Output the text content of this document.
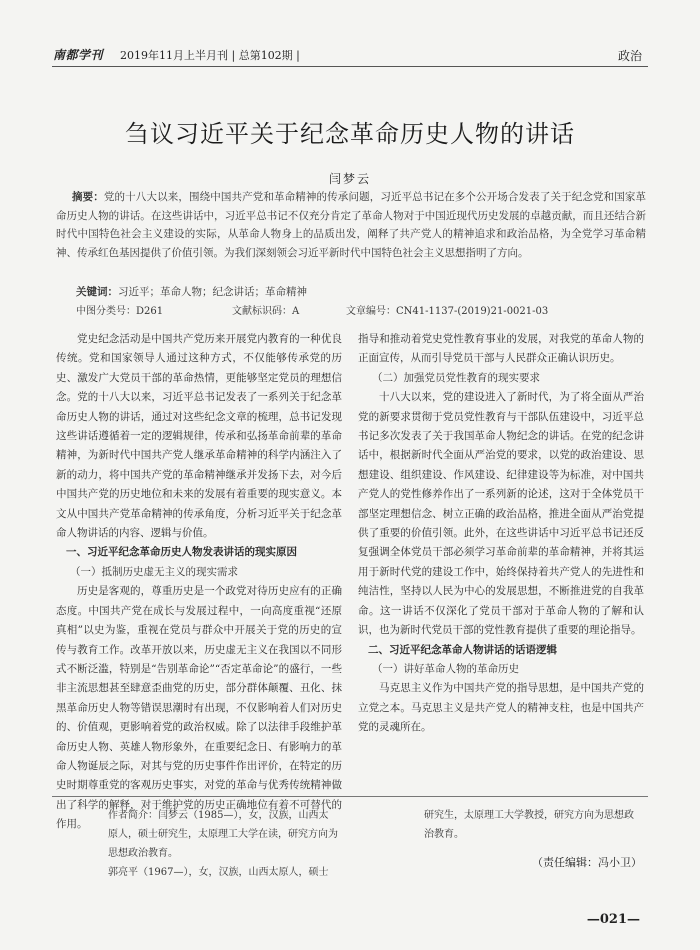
南都学刊 2019年11月上半月刊 | 总第102期 |	政治
刍议习近平关于纪念革命历史人物的讲话
闫梦云
摘要：党的十八大以来，围绕中国共产党和革命精神的传承问题，习近平总书记在多个公开场合发表了关于纪念党和国家革命历史人物的讲话。在这些讲话中，习近平总书记不仅充分肯定了革命人物对于中国近现代历史发展的卓越贡献，而且还结合新时代中国特色社会主义建设的实际，从革命人物身上的品质出发，阐释了共产党人的精神追求和政治品格，为全党学习革命精神、传承红色基因提供了价值引领。为我们深刻领会习近平新时代中国特色社会主义思想指明了方向。
关键词：习近平；革命人物；纪念讲话；革命精神
中图分类号：D261	文献标识码：A	文章编号：CN41-1137-(2019)21-0021-03

党史纪念活动是中国共产党历来开展党内教育的一种优良传统。党和国家领导人通过这种方式，不仅能够传承党的历史、激发广大党员干部的革命热情，更能够坚定党员的理想信念。党的十八大以来，习近平总书记发表了一系列关于纪念革命历史人物的讲话，通过对这些纪念文章的梳理，总书记发现这些讲话遵循着一定的逻辑规律，传承和弘扬革命前辈的革命精神，为新时代中国共产党人继承革命精神的科学内涵注入了新的动力，将中国共产党的革命精神继承并发扬下去，对今后中国共产党的历史地位和未来的发展有着重要的现实意义。本文从中国共产党革命精神的传承角度，分析习近平关于纪念革命人物讲话的内容、逻辑与价值。

一、习近平纪念革命历史人物发表讲话的现实原因

（一）抵制历史虚无主义的现实需求

历史是客观的，尊重历史是一个政党对待历史应有的正确态度。中国共产党在成长与发展过程中，一向高度重视“还原真相”以史为鉴，重视在党员与群众中开展关于党的历史的宣传与教育工作。改革开放以来，历史虚无主义在我国以不同形式不断泛滥，特别是“告别革命论”“否定革命论”的盛行，一些非主流思想甚至肆意歪曲党的历史，部分群体颠覆、丑化、抹黑革命历史人物等错误思潮时有出现，不仅影响着人们对历史的、价值观，更影响着党的政治权威。除了以法律手段维护革命历史人物、英雄人物形象外，在重要纪念日、有影响力的革命人物诞辰之际，对其与党的历史事件作出评价，在特定的历史时期尊重党的客观历史事实，对党的革命与优秀传统精神做出了科学的解释，对于维护党的历史正确地位有着不可替代的作用。

指导和推动着党史党性教育事业的发展，对我党的革命人物的正面宣传，从而引导党员干部与人民群众正确认识历史。

（二）加强党员党性教育的现实要求

十八大以来，党的建设进入了新时代，为了将全面从严治党的新要求贯彻于党员党性教育与干部队伍建设中，习近平总书记多次发表了关于我国革命人物纪念的讲话。在党的纪念讲话中，根据新时代全面从严治党的要求，以党的政治建设、思想建设、组织建设、作风建设、纪律建设等为标准，对中国共产党人的党性修养作出了一系列新的论述，这对于全体党员干部坚定理想信念、树立正确的政治品格，推进全面从严治党提供了重要的价值引领。此外，在这些讲话中习近平总书记还反复强调全体党员干部必须学习革命前辈的革命精神，并将其运用于新时代党的建设工作中，始终保持着共产党人的先进性和纯洁性，坚持以人民为中心的发展思想，不断推进党的自我革命。这一讲话不仅深化了党员干部对于革命人物的了解和认识，也为新时代党员干部的党性教育提供了重要的理论指导。

二、习近平纪念革命人物讲话的话语逻辑

（一）讲好革命人物的革命历史

马克思主义作为中国共产党的指导思想，是中国共产党的立党之本。马克思主义是共产党人的精神支柱，也是中国共产党的灵魂所在。

作者简介：闫梦云（1985—），女，汉族，山西太原人，硕士研究生，太原理工大学在读，研究方向为思想政治教育。
郭亮平（1967—），女，汉族，山西太原人，硕士
研究生，太原理工大学教授，研究方向为思想政治教育。
（责任编辑：冯小卫）
—021—
